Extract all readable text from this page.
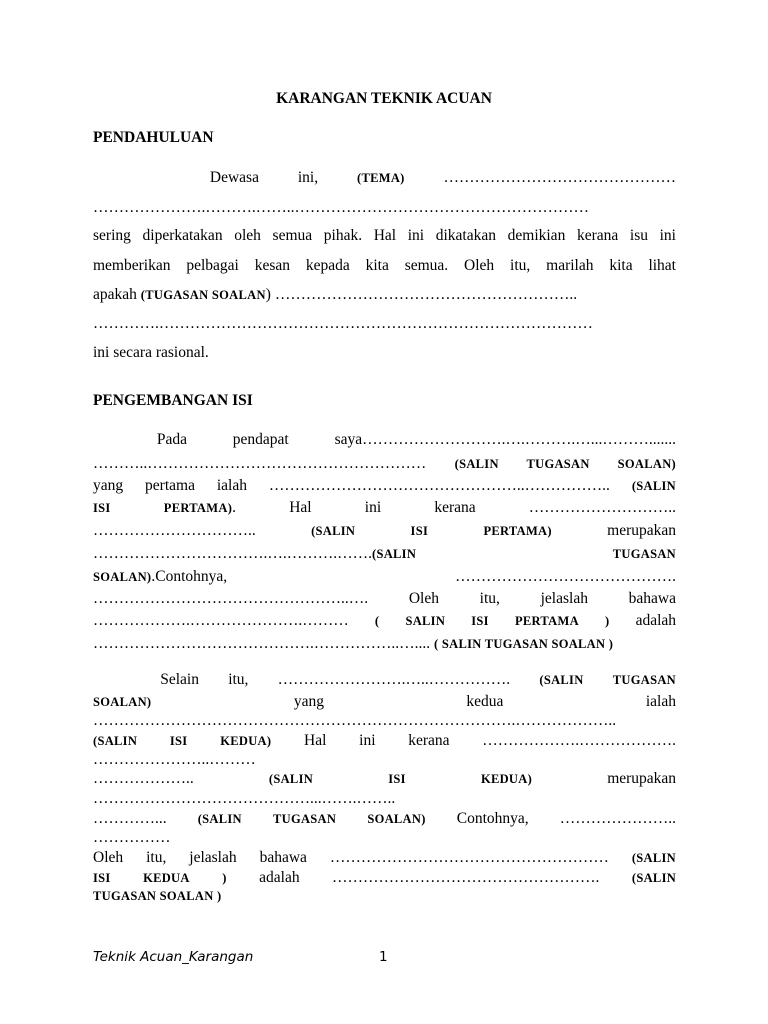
KARANGAN TEKNIK ACUAN

PENDAHULUAN

Dewasa	ini,	(TEMA)	………………………………………

………………….……….……..…………………………………………………

sering diperkatakan oleh semua pihak. Hal ini dikatakan demikian kerana isu ini

memberikan pelbagai kesan kepada kita semua. Oleh itu, marilah kita lihat

apakah (TUGASAN SOALAN) …………………………………………………..

………….…………………………………………………………………………

ini secara rasional.

PENGEMBANGAN ISI

Pada	pendapat	saya……………………….….……….…...……….......

………..……………………………………………… (SALIN TUGASAN SOALAN)

yang pertama ialah …………………………………………..…………….. (SALIN

ISI	PERTAMA).	Hal	ini	kerana	………………………..

…………………………..	(SALIN	ISI	PERTAMA)	merupakan

…………………………….….……….…….(SALIN	TUGASAN

SOALAN).Contohnya,	…………………………………….

…………………………………………..….	Oleh	itu,	jelaslah	bahawa

……………….………………….……… ( SALIN ISI PERTAMA ) adalah

…………………………………….……………..….... ( SALIN TUGASAN SOALAN )

Selain itu, …………………….…..……………. (SALIN TUGASAN

SOALAN)	yang	kedua	ialah

……………………………………………………………………….………………..

(SALIN	ISI	KEDUA) Hal ini kerana ……………….……………….

…………………..………

………………..	(SALIN	ISI	KEDUA)	merupakan

……………………………………...…….……..

…………... (SALIN TUGASAN SOALAN) Contohnya, …………………..

……………

Oleh itu, jelaslah bahawa ……………………………………………… (SALIN

ISI	KEDUA	) adalah …………………………………………….	(SALIN

TUGASAN SOALAN )

Teknik Acuan_Karangan	1
